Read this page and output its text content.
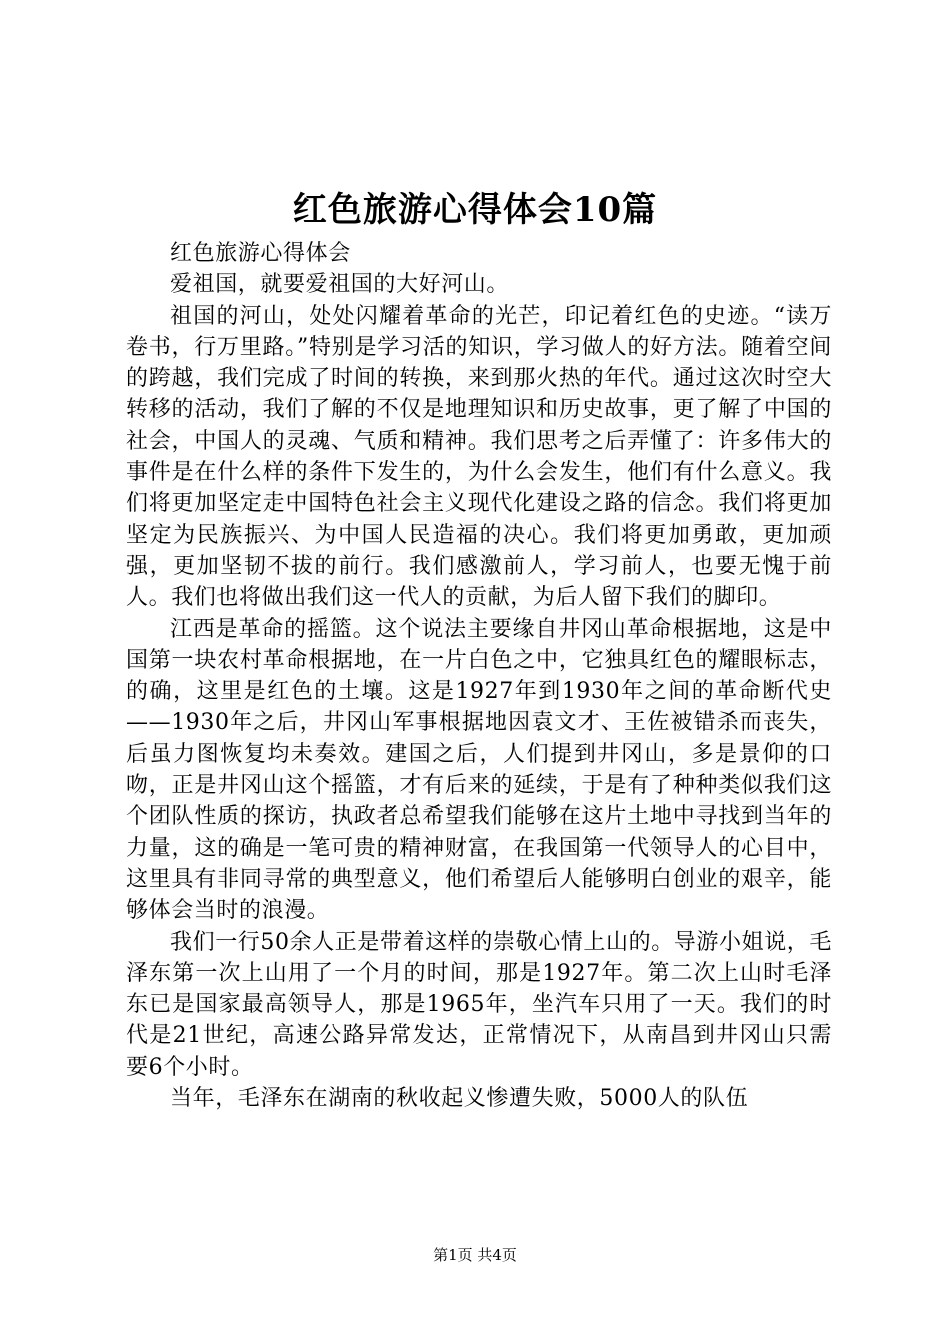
红色旅游心得体会10篇

红色旅游心得体会

爱祖国，就要爱祖国的大好河山。

祖国的河山，处处闪耀着革命的光芒，印记着红色的史迹。“读万卷书，行万里路。”特别是学习活的知识，学习做人的好方法。随着空间的跨越，我们完成了时间的转换，来到那火热的年代。通过这次时空大转移的活动，我们了解的不仅是地理知识和历史故事，更了解了中国的社会，中国人的灵魂、气质和精神。我们思考之后弄懂了：许多伟大的事件是在什么样的条件下发生的，为什么会发生，他们有什么意义。我们将更加坚定走中国特色社会主义现代化建设之路的信念。我们将更加坚定为民族振兴、为中国人民造福的决心。我们将更加勇敢，更加顽强，更加坚韧不拔的前行。我们感激前人，学习前人，也要无愧于前人。我们也将做出我们这一代人的贡献，为后人留下我们的脚印。

江西是革命的摇篮。这个说法主要缘自井冈山革命根据地，这是中国第一块农村革命根据地，在一片白色之中，它独具红色的耀眼标志，的确，这里是红色的土壤。这是1927年到1930年之间的革命断代史——1930年之后，井冈山军事根据地因袁文才、王佐被错杀而丧失，后虽力图恢复均未奏效。建国之后，人们提到井冈山，多是景仰的口吻，正是井冈山这个摇篮，才有后来的延续，于是有了种种类似我们这个团队性质的探访，执政者总希望我们能够在这片土地中寻找到当年的力量，这的确是一笔可贵的精神财富，在我国第一代领导人的心目中，这里具有非同寻常的典型意义，他们希望后人能够明白创业的艰辛，能够体会当时的浪漫。

我们一行50余人正是带着这样的崇敬心情上山的。导游小姐说，毛泽东第一次上山用了一个月的时间，那是1927年。第二次上山时毛泽东已是国家最高领导人，那是1965年，坐汽车只用了一天。我们的时代是21世纪，高速公路异常发达，正常情况下，从南昌到井冈山只需要6个小时。

当年，毛泽东在湖南的秋收起义惨遭失败，5000人的队伍

第1页 共4页
